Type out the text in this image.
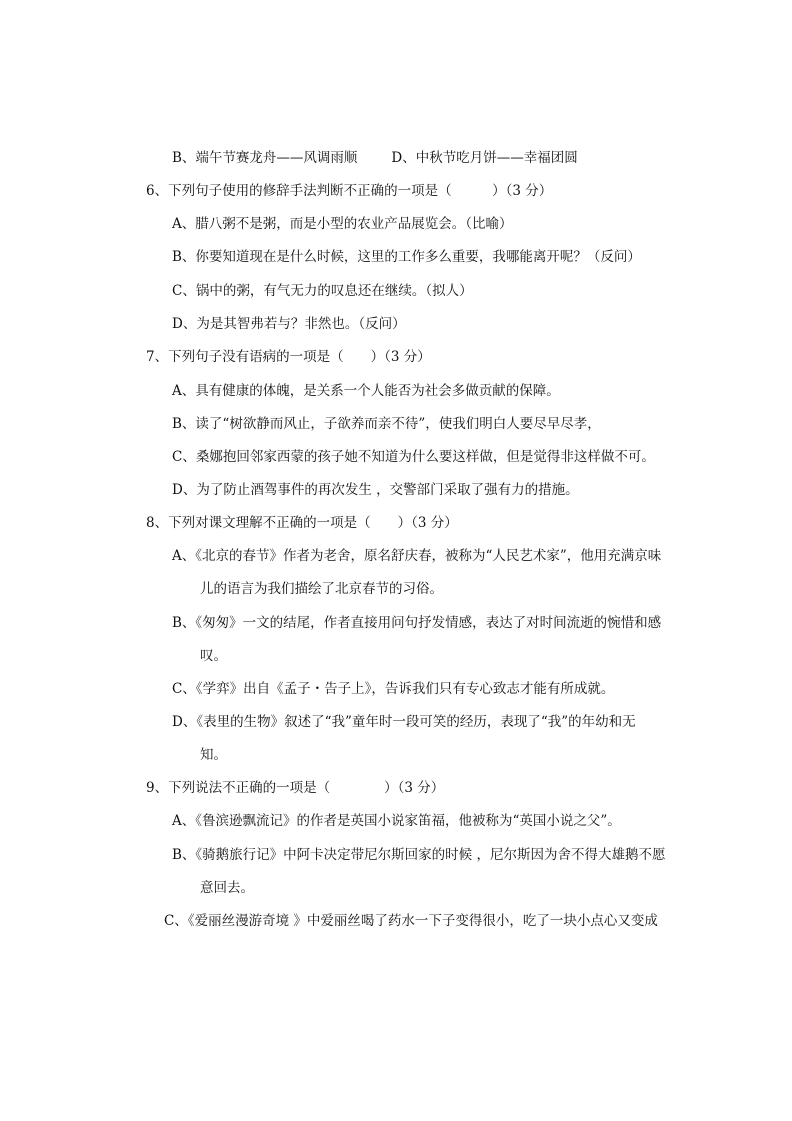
B、端午节赛龙舟——风调雨顺	D、中秋节吃月饼——幸福团圆
6、下列句子使用的修辞手法判断不正确的一项是（　　　）（3 分）
A、腊八粥不是粥，而是小型的农业产品展览会。（比喻）
B、你要知道现在是什么时候，这里的工作多么重要，我哪能离开呢？（反问）
C、锅中的粥，有气无力的叹息还在继续。（拟人）
D、为是其智弗若与？非然也。（反问）
7、下列句子没有语病的一项是（　　）（3 分）
A、具有健康的体魄，是关系一个人能否为社会多做贡献的保障。
B、读了“树欲静而风止，子欲养而亲不待”，使我们明白人要尽早尽孝，
C、桑娜抱回邻家西蒙的孩子她不知道为什么要这样做，但是觉得非这样做不可。
D、为了防止酒驾事件的再次发生 ，交警部门采取了强有力的措施。
8、下列对课文理解不正确的一项是（　　）（3 分）
A、《北京的春节》作者为老舍，原名舒庆春，被称为“人民艺术家”，他用充满京味
儿的语言为我们描绘了北京春节的习俗。
B、《匆匆》一文的结尾，作者直接用问句抒发情感，表达了对时间流逝的惋惜和感
叹。
C、《学弈》出自《孟子・告子上》，告诉我们只有专心致志才能有所成就。
D、《表里的生物》叙述了“我”童年时一段可笑的经历，表现了“我”的年幼和无
知。
9、下列说法不正确的一项是（　　　　）（3 分）
A、《鲁滨逊飘流记》的作者是英国小说家笛福，他被称为“英国小说之父”。
B、《骑鹅旅行记》中阿卡决定带尼尔斯回家的时候 ，尼尔斯因为舍不得大雄鹅不愿
意回去。
C、《爱丽丝漫游奇境 》中爱丽丝喝了药水一下子变得很小，吃了一块小点心又变成
